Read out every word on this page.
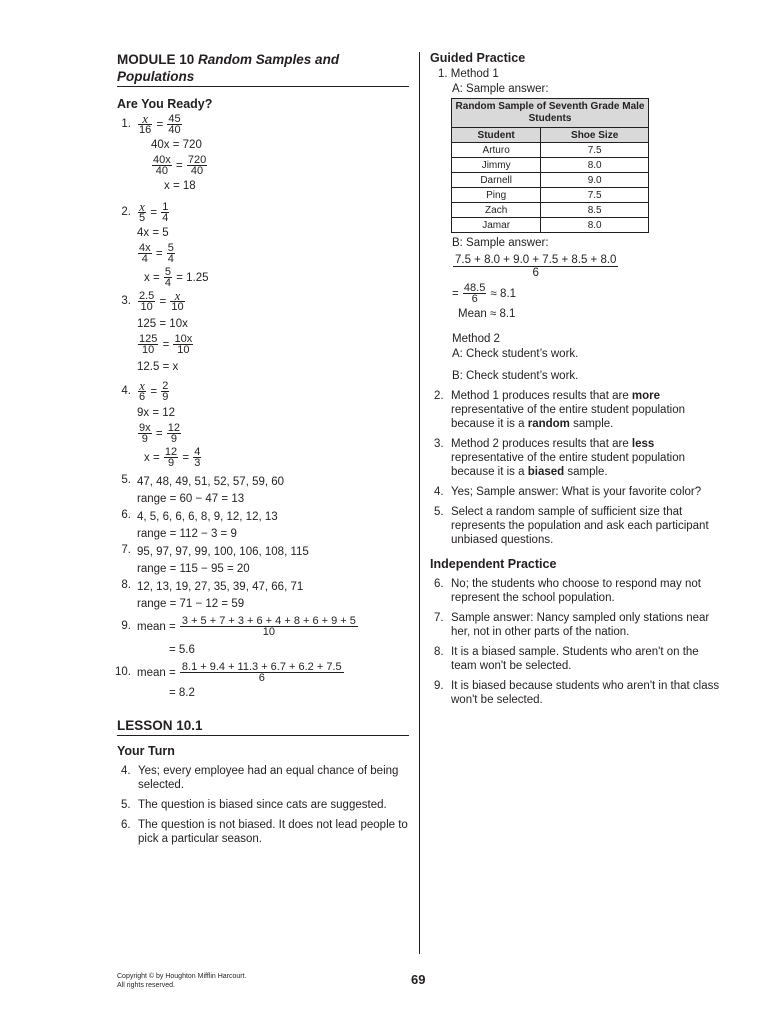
MODULE 10 Random Samples and Populations
Are You Ready?
1. $\frac{x}{16} = \frac{45}{40}$
40x = 720
$\frac{40x}{40} = \frac{720}{40}$
x = 18
2. $\frac{x}{5} = \frac{1}{4}$
4x = 5
$\frac{4x}{4} = \frac{5}{4}$
$x = \frac{5}{4} = 1.25$
3. $\frac{2.5}{10} = \frac{x}{10}$
125 = 10x
$\frac{125}{10} = \frac{10x}{10}$
12.5 = x
4. $\frac{x}{6} = \frac{2}{9}$
9x = 12
$\frac{9x}{9} = \frac{12}{9}$
$x = \frac{12}{9} = \frac{4}{3}$
5. 47, 48, 49, 51, 52, 57, 59, 60
range = 60 − 47 = 13
6. 4, 5, 6, 6, 6, 8, 9, 12, 12, 13
range = 112 − 3 = 9
7. 95, 97, 97, 99, 100, 106, 108, 115
range = 115 − 95 = 20
8. 12, 13, 19, 27, 35, 39, 47, 66, 71
range = 71 − 12 = 59
9. mean = $\frac{3 + 5 + 7 + 3 + 6 + 4 + 8 + 6 + 9 + 5}{10}$
= 5.6
10. mean = $\frac{8.1 + 9.4 + 11.3 + 6.7 + 6.2 + 7.5}{6}$
= 8.2
LESSON 10.1
Your Turn
4. Yes; every employee had an equal chance of being selected.
5. The question is biased since cats are suggested.
6. The question is not biased. It does not lead people to pick a particular season.
Guided Practice
1. Method 1
A: Sample answer:
Random Sample of Seventh Grade Male Students	
Student	Shoe Size
Arturo	7.5
Jimmy	8.0
Darnell	9.0
Ping	7.5
Zach	8.5
Jamar	8.0
B: Sample answer:
$\frac{7.5 + 8.0 + 9.0 + 7.5 + 8.5 + 8.0}{6}$
= $\frac{48.5}{6} \approx 8.1$
Mean ≈ 8.1
Method 2
A: Check student’s work.
B: Check student’s work.
2. Method 1 produces results that are more representative of the entire student population because it is a random sample.
3. Method 2 produces results that are less representative of the entire student population because it is a biased sample.
4. Yes; Sample answer: What is your favorite color?
5. Select a random sample of sufficient size that represents the population and ask each participant unbiased questions.
Independent Practice
6. No; the students who choose to respond may not represent the school population.
7. Sample answer: Nancy sampled only stations near her, not in other parts of the nation.
8. It is a biased sample. Students who aren't on the team won't be selected.
9. It is biased because students who aren't in that class won't be selected.
Copyright © by Houghton Mifflin Harcourt.
All rights reserved.	69
